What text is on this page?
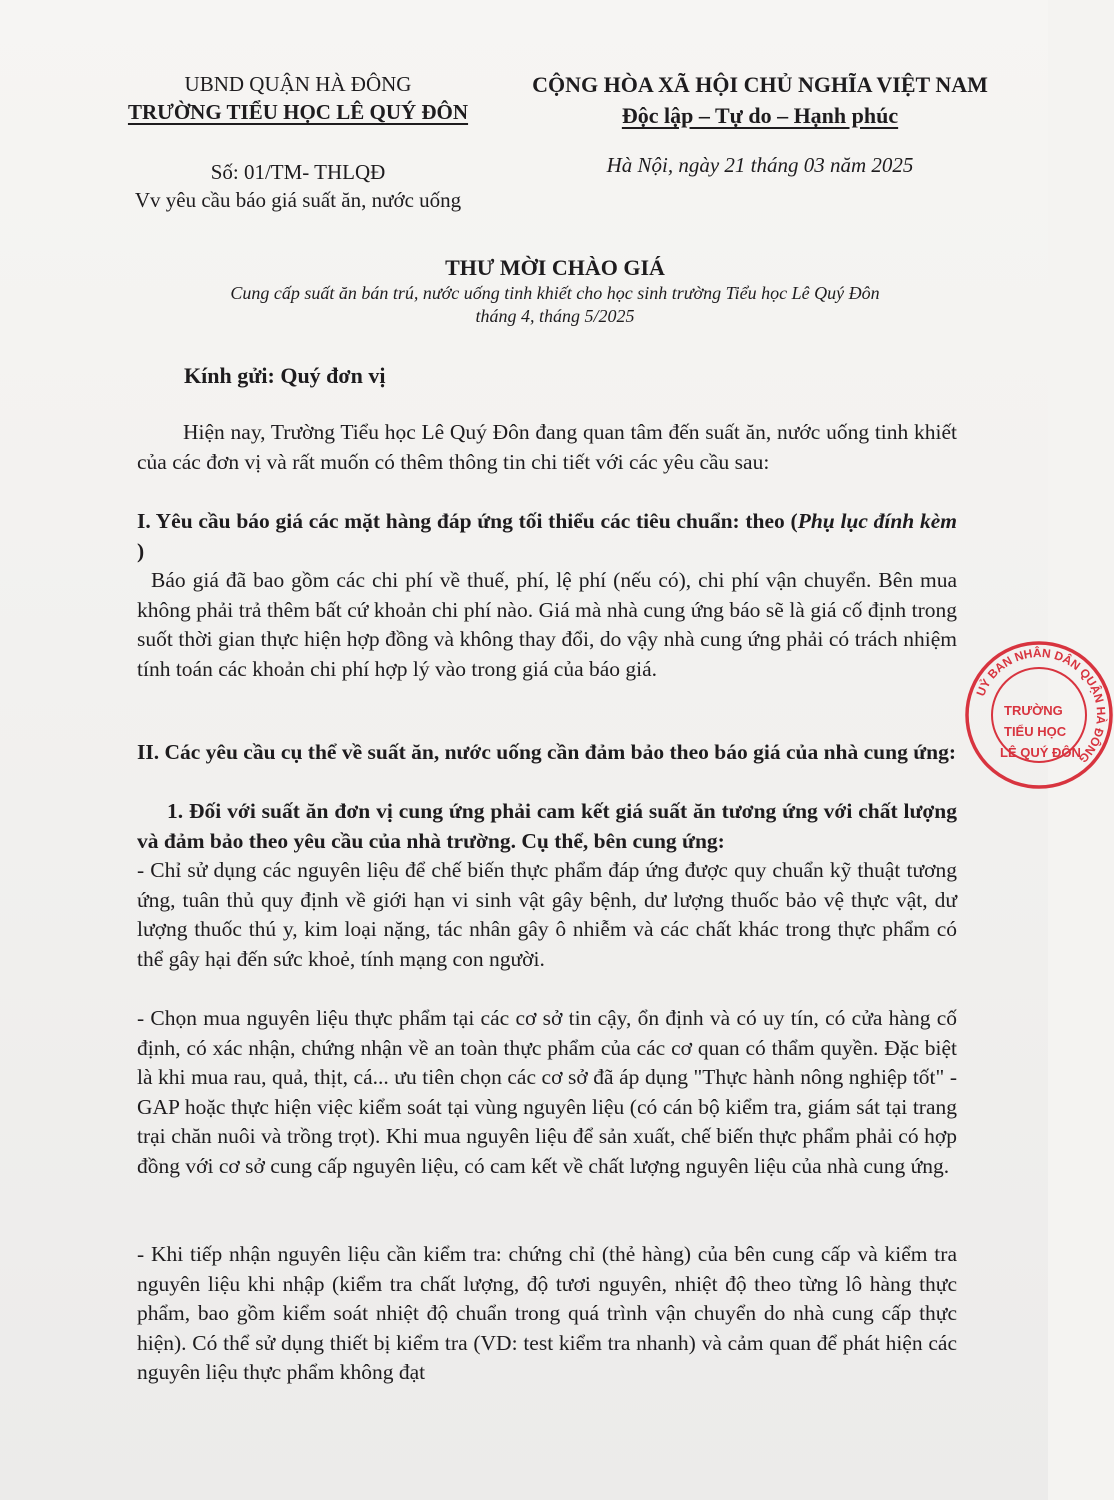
UBND QUẬN HÀ ĐÔNG
TRƯỜNG TIỂU HỌC LÊ QUÝ ĐÔN
Số: 01/TM- THLQĐ
Vv yêu cầu báo giá suất ăn, nước uống
CỘNG HÒA XÃ HỘI CHỦ NGHĨA VIỆT NAM
Độc lập – Tự do – Hạnh phúc
Hà Nội, ngày 21 tháng 03 năm 2025
THƯ MỜI CHÀO GIÁ
Cung cấp suất ăn bán trú, nước uống tinh khiết cho học sinh trường Tiểu học Lê Quý Đôn
tháng 4, tháng 5/2025
Kính gửi: Quý đơn vị
Hiện nay, Trường Tiểu học Lê Quý Đôn đang quan tâm đến suất ăn, nước uống tinh khiết của các đơn vị và rất muốn có thêm thông tin chi tiết với các yêu cầu sau:
I. Yêu cầu báo giá các mặt hàng đáp ứng tối thiểu các tiêu chuẩn: theo (Phụ lục đính kèm )
Báo giá đã bao gồm các chi phí về thuế, phí, lệ phí (nếu có), chi phí vận chuyển. Bên mua không phải trả thêm bất cứ khoản chi phí nào. Giá mà nhà cung ứng báo sẽ là giá cố định trong suốt thời gian thực hiện hợp đồng và không thay đổi, do vậy nhà cung ứng phải có trách nhiệm tính toán các khoản chi phí hợp lý vào trong giá của báo giá.
II. Các yêu cầu cụ thể về suất ăn, nước uống cần đảm bảo theo báo giá của nhà cung ứng:
1. Đối với suất ăn đơn vị cung ứng phải cam kết giá suất ăn tương ứng với chất lượng và đảm bảo theo yêu cầu của nhà trường. Cụ thể, bên cung ứng:
- Chỉ sử dụng các nguyên liệu để chế biến thực phẩm đáp ứng được quy chuẩn kỹ thuật tương ứng, tuân thủ quy định về giới hạn vi sinh vật gây bệnh, dư lượng thuốc bảo vệ thực vật, dư lượng thuốc thú y, kim loại nặng, tác nhân gây ô nhiễm và các chất khác trong thực phẩm có thể gây hại đến sức khoẻ, tính mạng con người.
- Chọn mua nguyên liệu thực phẩm tại các cơ sở tin cậy, ổn định và có uy tín, có cửa hàng cố định, có xác nhận, chứng nhận về an toàn thực phẩm của các cơ quan có thẩm quyền. Đặc biệt là khi mua rau, quả, thịt, cá... ưu tiên chọn các cơ sở đã áp dụng "Thực hành nông nghiệp tốt" - GAP hoặc thực hiện việc kiểm soát tại vùng nguyên liệu (có cán bộ kiểm tra, giám sát tại trang trại chăn nuôi và trồng trọt). Khi mua nguyên liệu để sản xuất, chế biến thực phẩm phải có hợp đồng với cơ sở cung cấp nguyên liệu, có cam kết về chất lượng nguyên liệu của nhà cung ứng.
- Khi tiếp nhận nguyên liệu cần kiểm tra: chứng chỉ (thẻ hàng) của bên cung cấp và kiểm tra nguyên liệu khi nhập (kiểm tra chất lượng, độ tươi nguyên, nhiệt độ theo từng lô hàng thực phẩm, bao gồm kiểm soát nhiệt độ chuẩn trong quá trình vận chuyển do nhà cung cấp thực hiện). Có thể sử dụng thiết bị kiểm tra (VD: test kiểm tra nhanh) và cảm quan để phát hiện các nguyên liệu thực phẩm không đạt
UỶ BAN NHÂN DÂN QUẬN HÀ ĐÔNG
TRƯỜNG
TIỂU HỌC
LÊ QUÝ ĐÔN
